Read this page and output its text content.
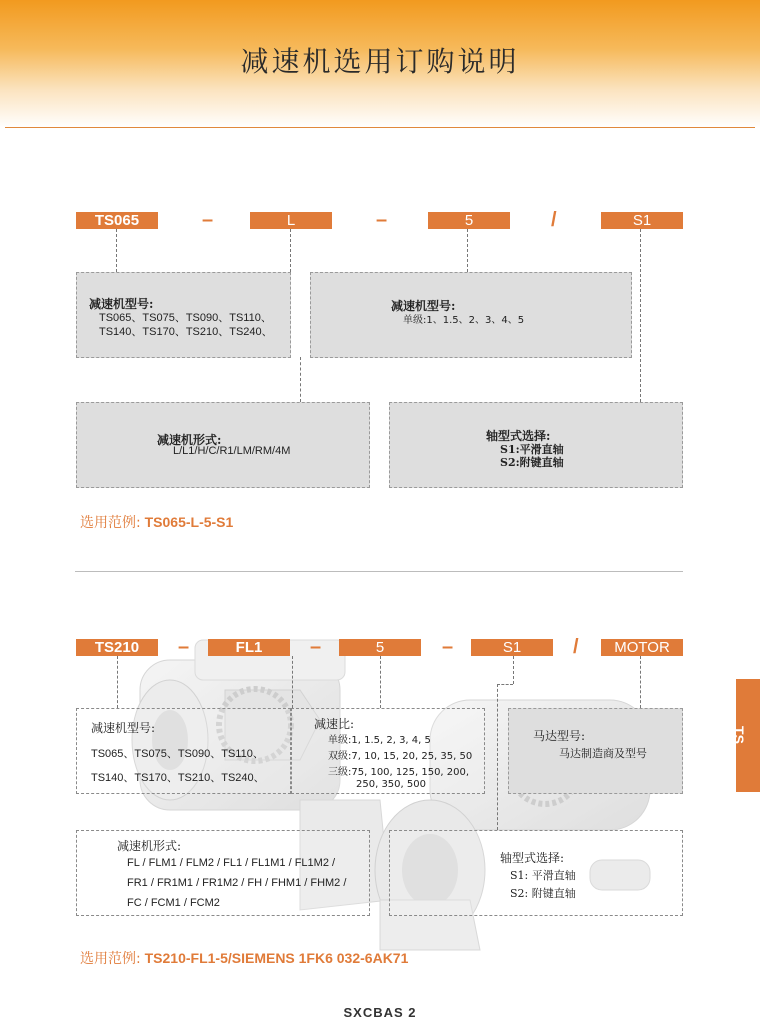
减速机选用订购说明
TS065	–	L	–	5	/	S1
减速机型号:
TS065、TS075、TS090、TS110、
TS140、TS170、TS210、TS240、
减速机型号:
单级:1、1.5、2、3、4、5
减速机形式:
L/L1/H/C/R1/LM/RM/4M
轴型式选择:
S1:平滑直轴
S2:附键直轴
选用范例: TS065-L-5-S1
TS210	–	FL1	–	5	–	S1	/	MOTOR
减速机型号:
TS065、TS075、TS090、TS110、
TS140、TS170、TS210、TS240、
减速比:
单级:1, 1.5, 2, 3, 4, 5
双级:7, 10, 15, 20, 25, 35, 50
三级:75, 100, 125, 150, 200,
250, 350, 500
马达型号:
马达制造商及型号
减速机形式:
FL / FLM1 / FLM2 / FL1 / FL1M1 / FL1M2 /
FR1 / FR1M1 / FR1M2 / FH / FHM1 / FHM2 /
FC / FCM1 / FCM2
轴型式选择:
S1: 平滑直轴
S2: 附键直轴
选用范例: TS210-FL1-5/SIEMENS 1FK6 032-6AK71
TS
SXCBAS 2
